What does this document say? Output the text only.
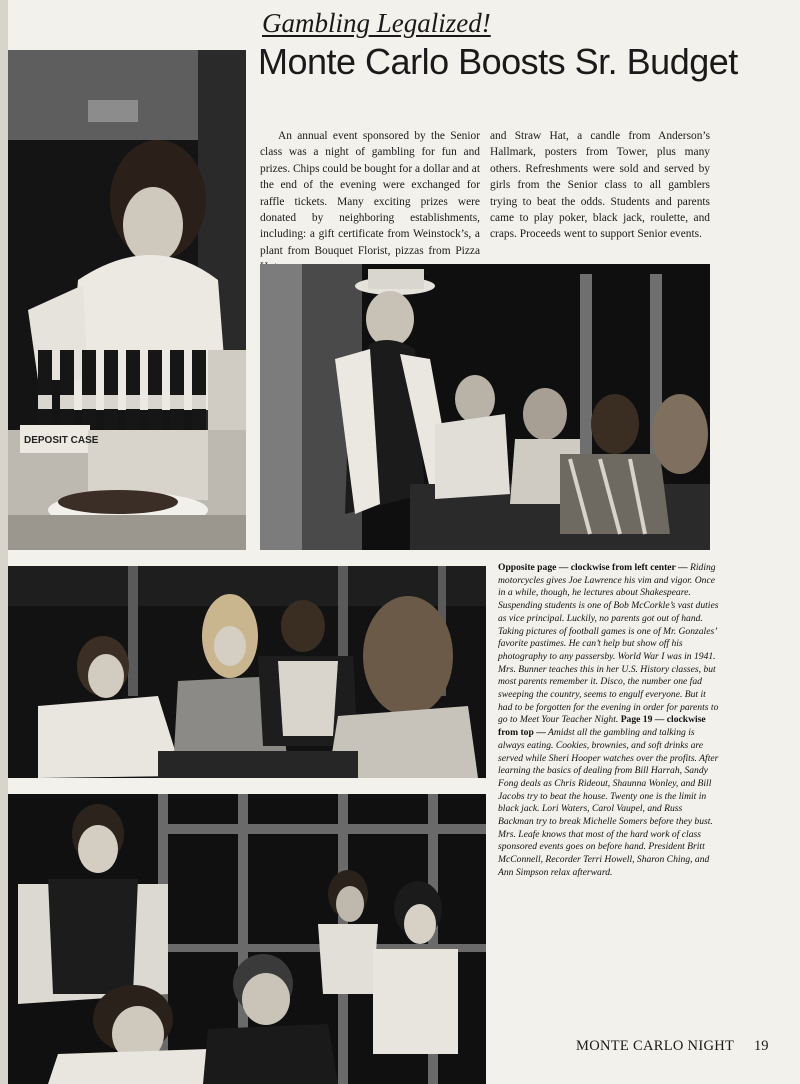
Gambling Legalized!
Monte Carlo Boosts Sr. Budget
An annual event sponsored by the Senior class was a night of gambling for fun and prizes. Chips could be bought for a dollar and at the end of the evening were exchanged for raffle tickets. Many exciting prizes were donated by neighboring establishments, including: a gift certificate from Weinstock’s, a plant from Bouquet Florist, pizzas from Pizza
and Straw Hat, a candle from Anderson’s Hallmark, posters from Tower, plus many others. Refreshments were sold and served by girls from the Senior class to all gamblers trying to beat the odds. Students and parents came to play poker, black jack, roulette, and craps. Proceeds went to support Senior events.
DEPOSIT CASE
Opposite page — clockwise from left center — Riding motorcycles gives Joe Lawrence his vim and vigor. Once in a while, though, he lectures about Shakespeare. Suspending students is one of Bob McCorkle’s vast duties as vice principal. Luckily, no parents got out of hand. Taking pictures of football games is one of Mr. Gonzales’ favorite pastimes. He can’t help but show off his photography to any passersby. World War I was in 1941. Mrs. Bunner teaches this in her U.S. History classes, but most parents remember it. Disco, the number one fad sweeping the country, seems to engulf everyone. But it had to be forgotten for the evening in order for parents to go to Meet Your Teacher Night. Page 19 — clockwise from top — Amidst all the gambling and talking is always eating. Cookies, brownies, and soft drinks are served while Sheri Hooper watches over the profits. After learning the basics of dealing from Bill Harrah, Sandy Fong deals as Chris Rideout, Shaunna Wonley, and Bill Jacobs try to beat the house. Twenty one is the limit in black jack. Lori Waters, Carol Vaupel, and Russ Backman try to break Michelle Somers before they bust. Mrs. Leafe knows that most of the hard work of class sponsored events goes on before hand. President Britt McConnell, Recorder Terri Howell, Sharon Ching, and Ann Simpson relax afterward.
MONTE CARLO NIGHT 19
